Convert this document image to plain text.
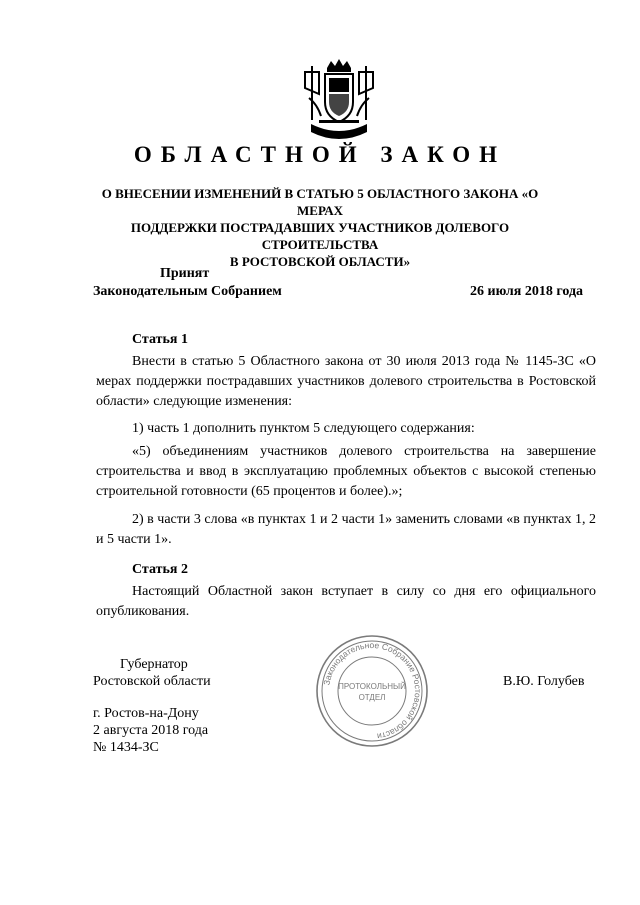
ОБЛАСТНОЙ ЗАКОН
О ВНЕСЕНИИ ИЗМЕНЕНИЙ В СТАТЬЮ 5 ОБЛАСТНОГО ЗАКОНА «О МЕРАХ
ПОДДЕРЖКИ ПОСТРАДАВШИХ УЧАСТНИКОВ ДОЛЕВОГО СТРОИТЕЛЬСТВА
В РОСТОВСКОЙ ОБЛАСТИ»
Принят
Законодательным Собранием	26 июля 2018 года
Статья 1

Внести в статью 5 Областного закона от 30 июля 2013 года № 1145-ЗС «О мерах поддержки пострадавших участников долевого строительства в Ростовской области» следующие изменения:

1) часть 1 дополнить пунктом 5 следующего содержания:

«5) объединениям участников долевого строительства на завершение строительства и ввод в эксплуатацию проблемных объектов с высокой степенью строительной готовности (65 процентов и более).»;

2) в части 3 слова «в пунктах 1 и 2 части 1» заменить словами «в пунктах 1, 2 и 5 части 1».

Статья 2

Настоящий Областной закон вступает в силу со дня его официального опубликования.

Губернатор
Ростовской области	В.Ю. Голубев
г. Ростов-на-Дону
2 августа 2018 года
№ 1434-ЗС
Законодательное Собрание Ростовской области
ПРОТОКОЛЬНЫЙ
ОТДЕЛ
